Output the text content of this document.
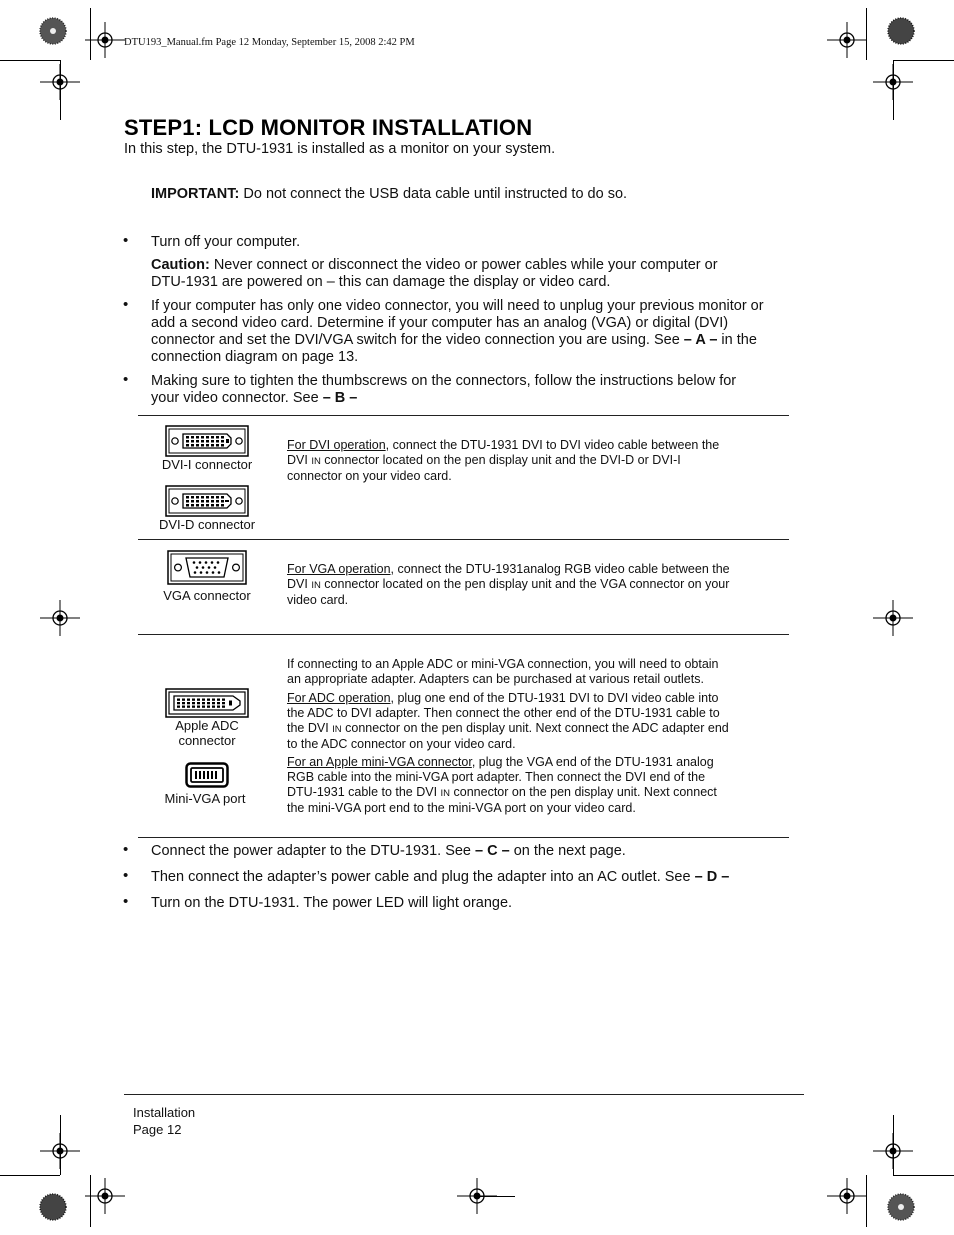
DTU193_Manual.fm Page 12 Monday, September 15, 2008 2:42 PM
STEP1: LCD MONITOR INSTALLATION
In this step, the DTU-1931 is installed as a monitor on your system.
IMPORTANT: Do not connect the USB data cable until instructed to do so.
• Turn off your computer.
Caution: Never connect or disconnect the video or power cables while your computer or
DTU-1931 are powered on – this can damage the display or video card.
• If your computer has only one video connector, you will need to unplug your previous monitor or
add a second video card. Determine if your computer has an analog (VGA) or digital (DVI)
connector and set the DVI/VGA switch for the video connection you are using. See – A – in the
connection diagram on page 13.
• Making sure to tighten the thumbscrews on the connectors, follow the instructions below for
your video connector. See – B –
DVI-I connector
DVI-D connector
For DVI operation, connect the DTU-1931 DVI to DVI video cable between the
DVI IN connector located on the pen display unit and the DVI-D or DVI-I
connector on your video card.
VGA connector
For VGA operation, connect the DTU-1931analog RGB video cable between the
DVI IN connector located on the pen display unit and the VGA connector on your
video card.
Apple ADC
connector
Mini-VGA port
If connecting to an Apple ADC or mini-VGA connection, you will need to obtain
an appropriate adapter. Adapters can be purchased at various retail outlets.
For ADC operation, plug one end of the DTU-1931 DVI to DVI video cable into
the ADC to DVI adapter. Then connect the other end of the DTU-1931 cable to
the DVI IN connector on the pen display unit. Next connect the ADC adapter end
to the ADC connector on your video card.
For an Apple mini-VGA connector, plug the VGA end of the DTU-1931 analog
RGB cable into the mini-VGA port adapter. Then connect the DVI end of the
DTU-1931 cable to the DVI IN connector on the pen display unit. Next connect
the mini-VGA port end to the mini-VGA port on your video card.
• Connect the power adapter to the DTU-1931. See – C – on the next page.
• Then connect the adapter’s power cable and plug the adapter into an AC outlet. See – D –
• Turn on the DTU-1931. The power LED will light orange.
Installation
Page 12
